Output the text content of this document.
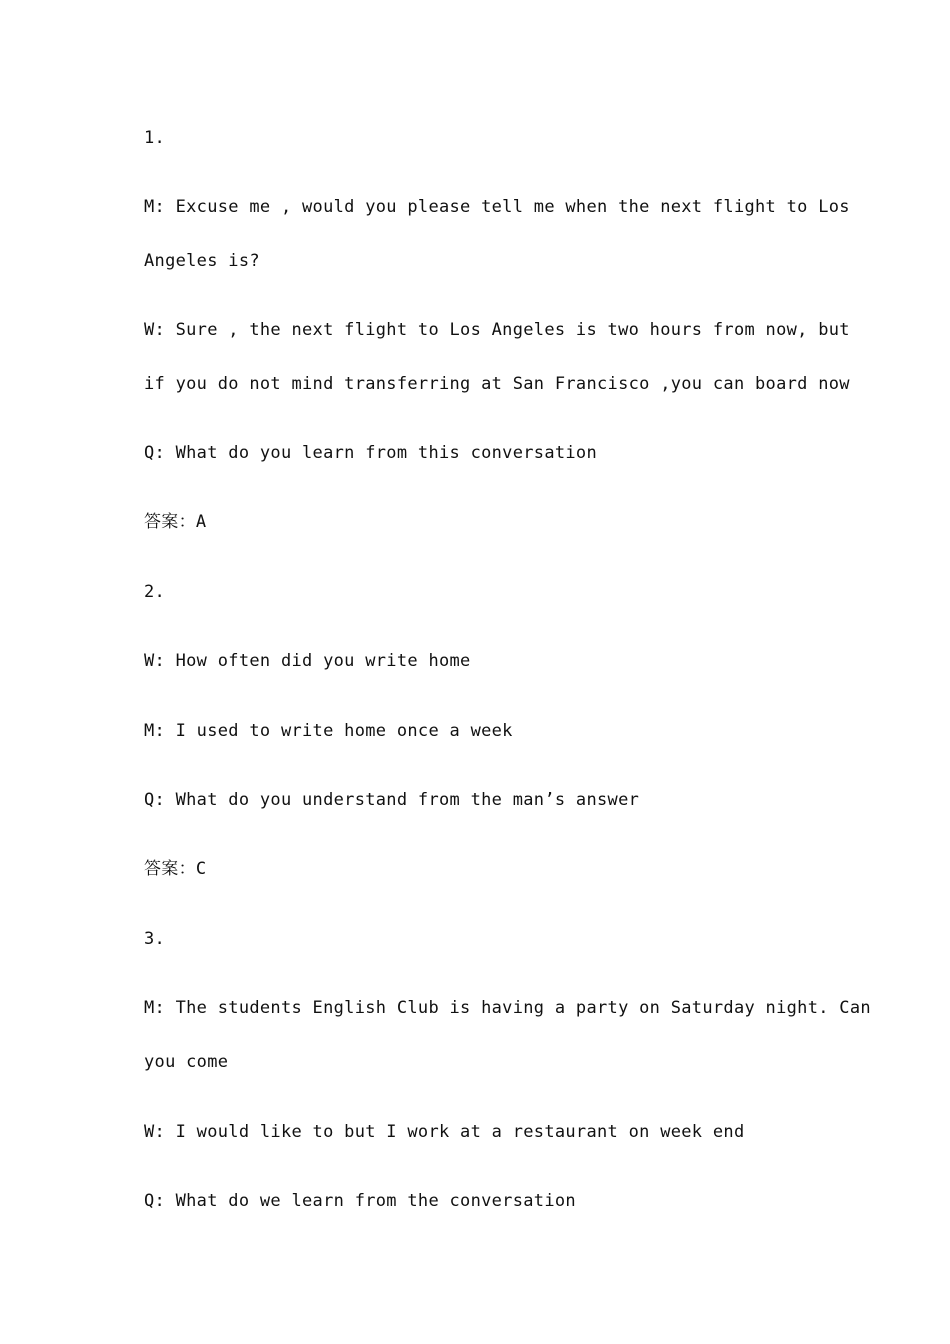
1.

M: Excuse me , would you please tell me when the next flight to Los

Angeles is?

W: Sure , the next flight to Los Angeles is two hours from now, but

if you do not mind transferring at San Francisco ,you can board now

Q: What do you learn from this conversation

答案：A

2.

W: How often did you write home

M: I used to write home once a week

Q: What do you understand from the man’s answer

答案：C

3.

M: The students English Club is having a party on Saturday night. Can

you come

W: I would like to but I work at a restaurant on week end

Q: What do we learn from the conversation
